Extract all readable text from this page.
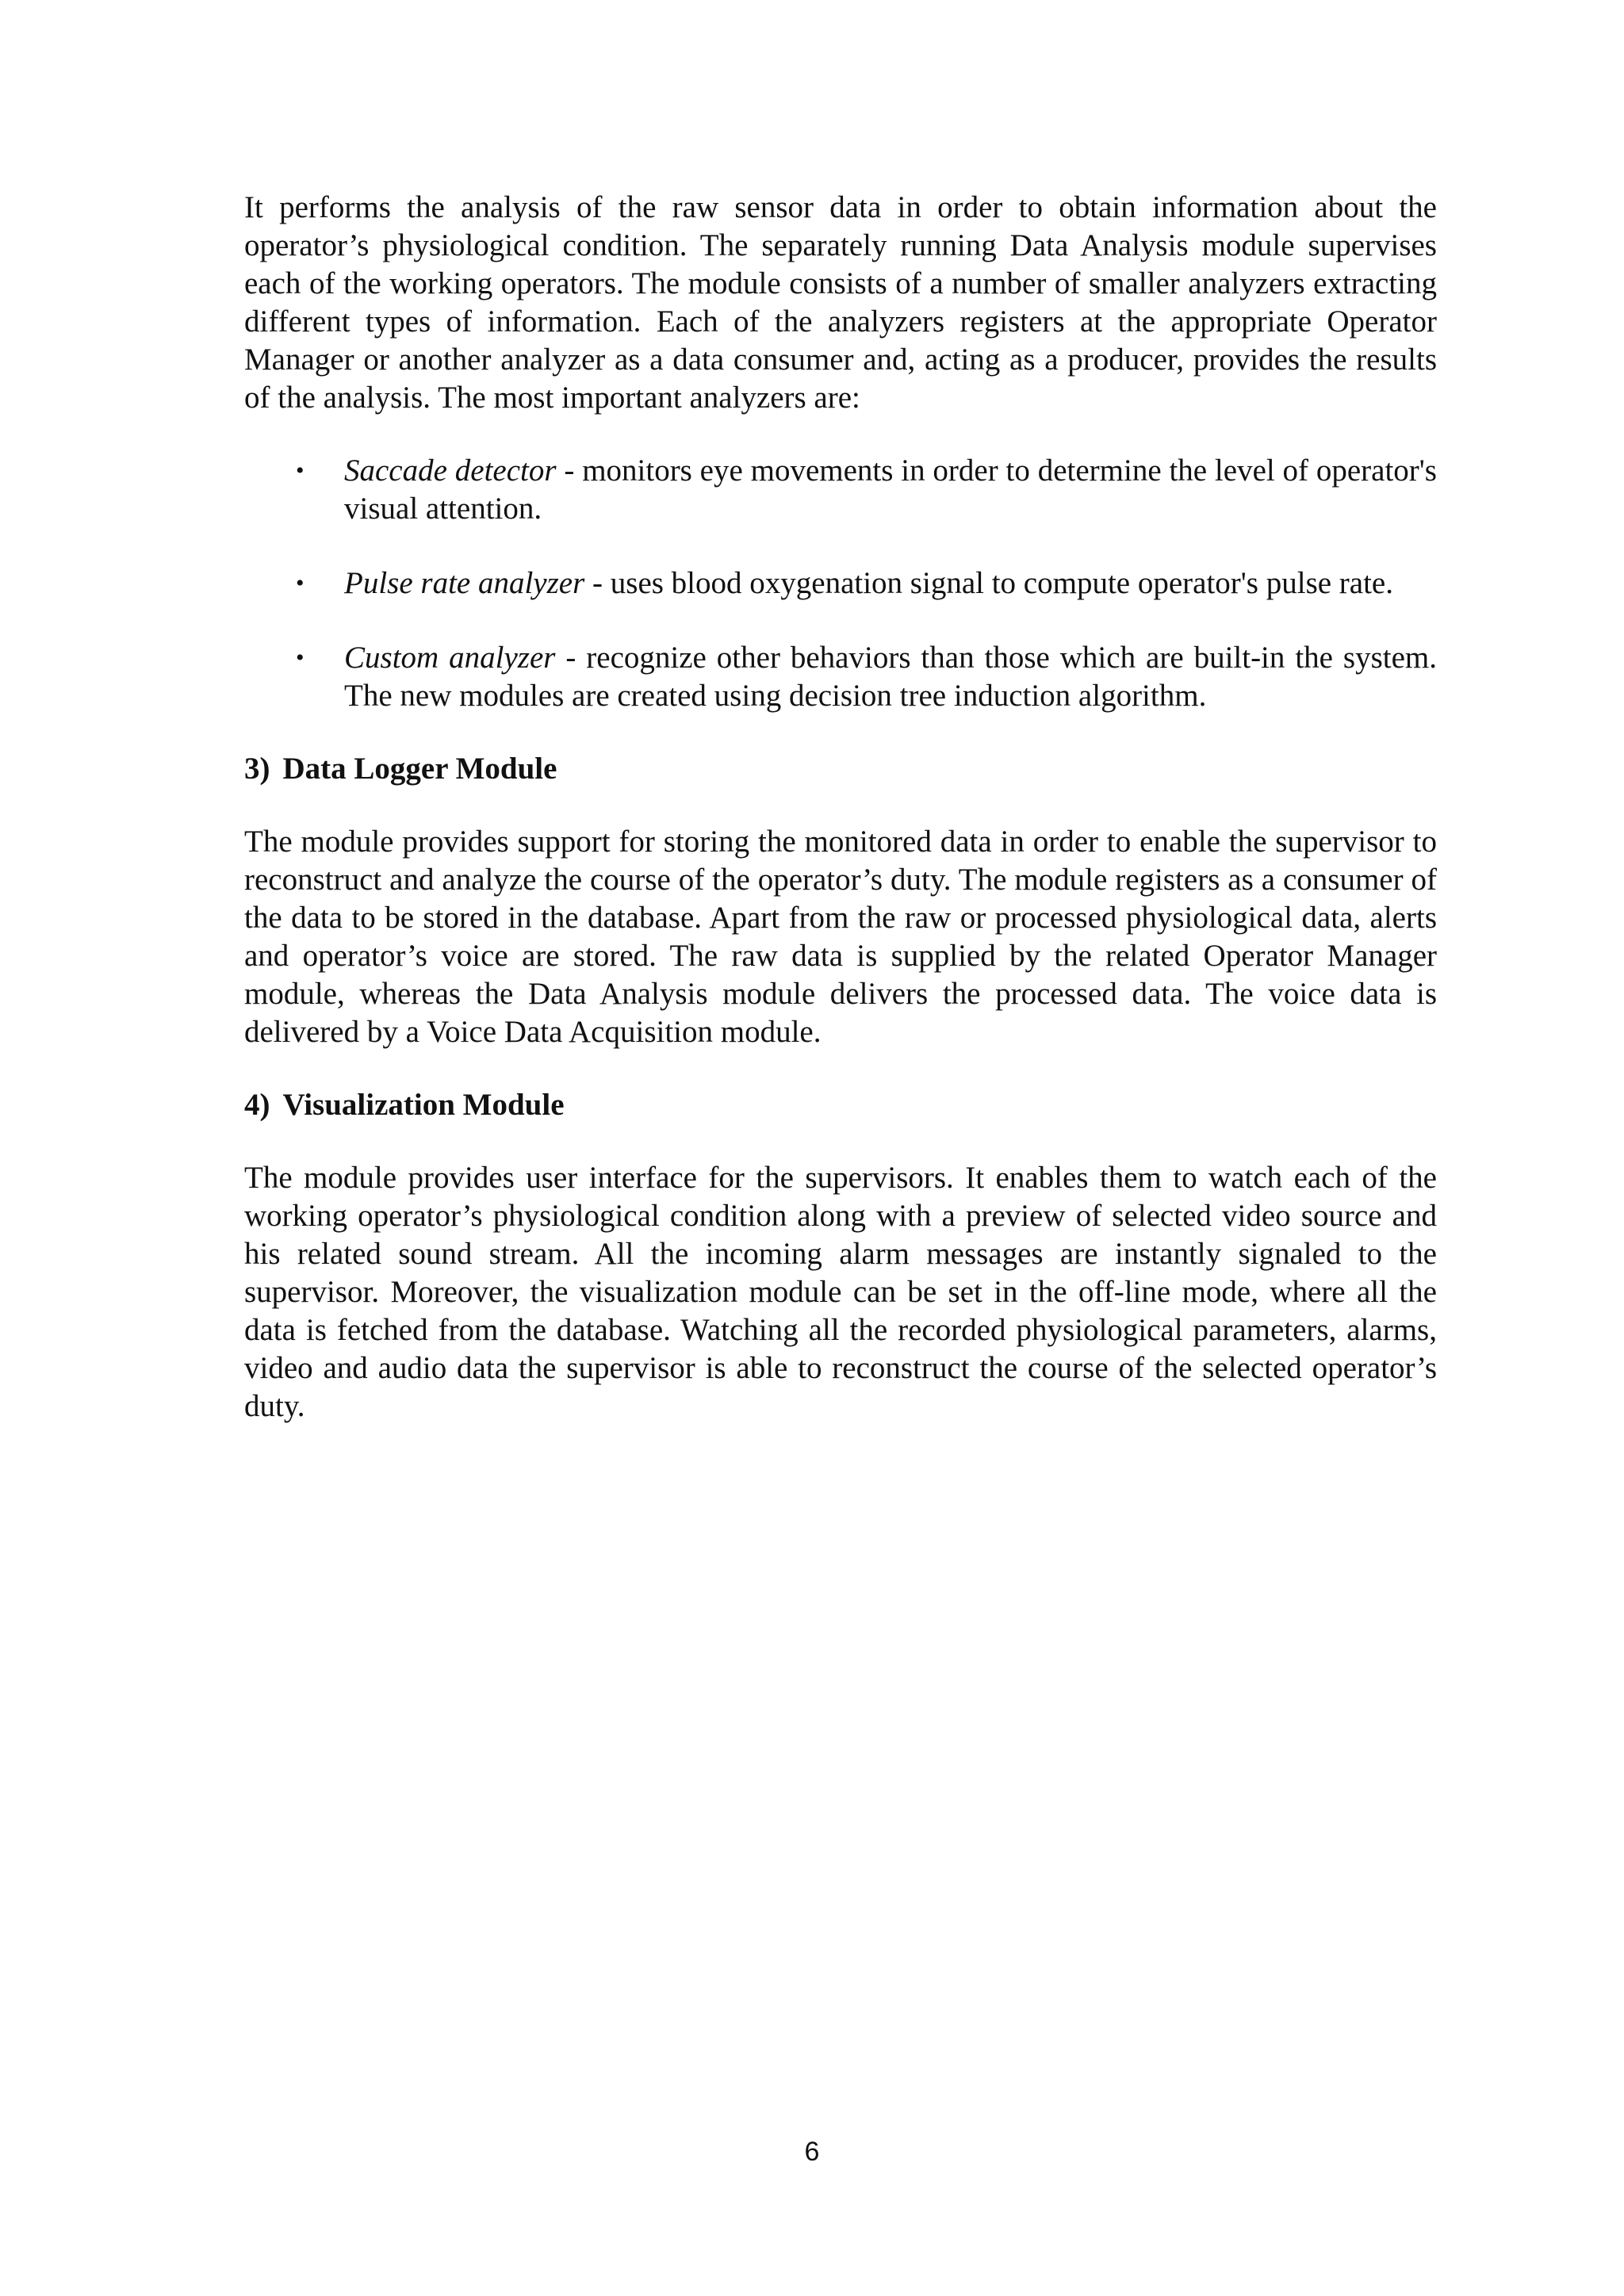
It performs the analysis of the raw sensor data in order to obtain information about the operator’s physiological condition. The separately running Data Analysis module supervises each of the working operators. The module consists of a number of smaller analyzers extracting different types of information. Each of the analyzers registers at the appropriate Operator Manager or another analyzer as a data consumer and, acting as a producer, provides the results of the analysis. The most important analyzers are:

• Saccade detector - monitors eye movements in order to determine the level of operator's visual attention.
• Pulse rate analyzer - uses blood oxygenation signal to compute operator's pulse rate.
• Custom analyzer - recognize other behaviors than those which are built-in the system. The new modules are created using decision tree induction algorithm.
3) Data Logger Module

The module provides support for storing the monitored data in order to enable the supervisor to reconstruct and analyze the course of the operator’s duty. The module registers as a consumer of the data to be stored in the database. Apart from the raw or processed physiological data, alerts and operator’s voice are stored. The raw data is supplied by the related Operator Manager module, whereas the Data Analysis module delivers the processed data. The voice data is delivered by a Voice Data Acquisition module.

4) Visualization Module

The module provides user interface for the supervisors. It enables them to watch each of the working operator’s physiological condition along with a preview of selected video source and his related sound stream. All the incoming alarm messages are instantly signaled to the supervisor. Moreover, the visualization module can be set in the off-line mode, where all the data is fetched from the database. Watching all the recorded physiological parameters, alarms, video and audio data the supervisor is able to reconstruct the course of the selected operator’s duty.

6
